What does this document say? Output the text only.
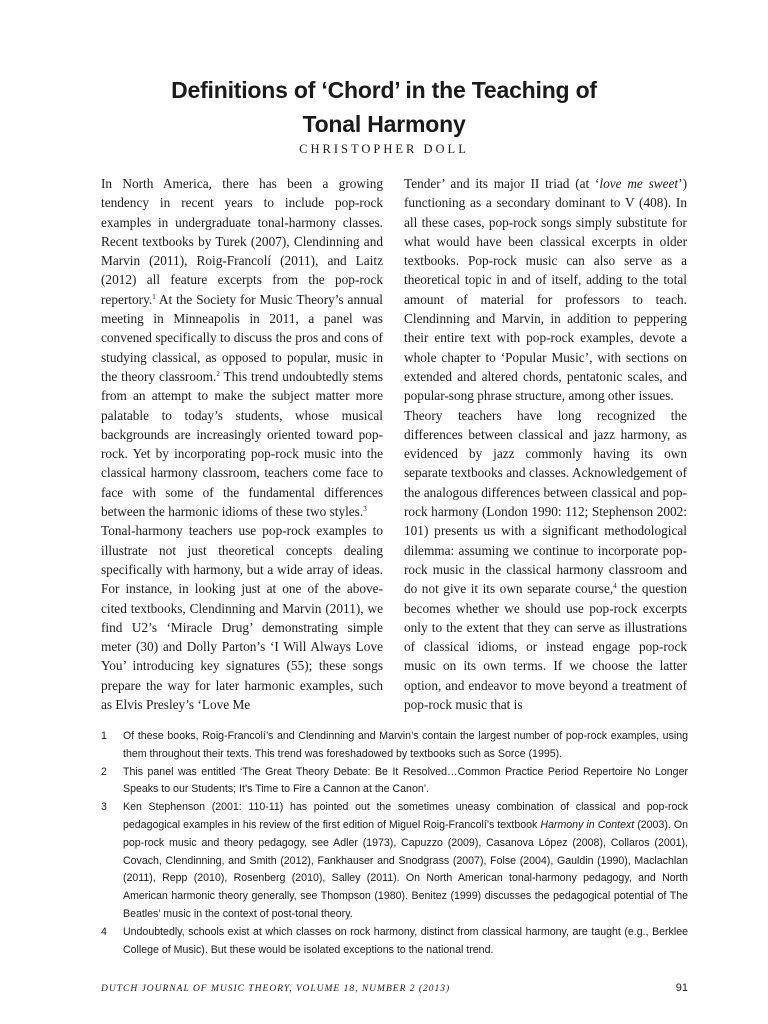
Definitions of ‘Chord’ in the Teaching of
Tonal Harmony
CHRISTOPHER DOLL

In North America, there has been a growing tendency in recent years to include pop-rock examples in undergraduate tonal-harmony classes. Recent textbooks by Turek (2007), Clendinning and Marvin (2011), Roig-Francolí (2011), and Laitz (2012) all feature excerpts from the pop-rock repertory.$^1$ At the Society for Music Theory’s annual meeting in Minneapolis in 2011, a panel was convened specifically to discuss the pros and cons of studying classical, as opposed to popular, music in the theory classroom.$^2$ This trend undoubtedly stems from an attempt to make the subject matter more palatable to today’s students, whose musical backgrounds are increasingly oriented toward pop-rock. Yet by incorporating pop-rock music into the classical harmony classroom, teachers come face to face with some of the fundamental differences between the harmonic idioms of these two styles.$^3$

Tonal-harmony teachers use pop-rock examples to illustrate not just theoretical concepts dealing specifically with harmony, but a wide array of ideas. For instance, in looking just at one of the above-cited textbooks, Clendinning and Marvin (2011), we find U2’s ‘Miracle Drug’ demonstrating simple meter (30) and Dolly Parton’s ‘I Will Always Love You’ introducing key signatures (55); these songs prepare the way for later harmonic examples, such as Elvis Presley’s ‘Love Me

Tender’ and its major II triad (at ‘love me sweet’) functioning as a secondary dominant to V (408). In all these cases, pop-rock songs simply substitute for what would have been classical excerpts in older textbooks. Pop-rock music can also serve as a theoretical topic in and of itself, adding to the total amount of material for professors to teach. Clendinning and Marvin, in addition to peppering their entire text with pop-rock examples, devote a whole chapter to ‘Popular Music’, with sections on extended and altered chords, pentatonic scales, and popular-song phrase structure, among other issues.

Theory teachers have long recognized the differences between classical and jazz harmony, as evidenced by jazz commonly having its own separate textbooks and classes. Acknowledgement of the analogous differences between classical and pop-rock harmony (London 1990: 112; Stephenson 2002: 101) presents us with a significant methodological dilemma: assuming we continue to incorporate pop-rock music in the classical harmony classroom and do not give it its own separate course,$^4$ the question becomes whether we should use pop-rock excerpts only to the extent that they can serve as illustrations of classical idioms, or instead engage pop-rock music on its own terms. If we choose the latter option, and endeavor to move beyond a treatment of pop-rock music that is

1 Of these books, Roig-Francolí’s and Clendinning and Marvin’s contain the largest number of pop-rock examples, using them throughout their texts. This trend was foreshadowed by textbooks such as Sorce (1995).
2 This panel was entitled ‘The Great Theory Debate: Be It Resolved…Common Practice Period Repertoire No Longer Speaks to our Students; It’s Time to Fire a Cannon at the Canon’.
3 Ken Stephenson (2001: 110-11) has pointed out the sometimes uneasy combination of classical and pop-rock pedagogical examples in his review of the first edition of Miguel Roig-Francolí’s textbook Harmony in Context (2003). On pop-rock music and theory pedagogy, see Adler (1973), Capuzzo (2009), Casanova López (2008), Collaros (2001), Covach, Clendinning, and Smith (2012), Fankhauser and Snodgrass (2007), Folse (2004), Gauldin (1990), Maclachlan (2011), Repp (2010), Rosenberg (2010), Salley (2011). On North American tonal-harmony pedagogy, and North American harmonic theory generally, see Thompson (1980). Benitez (1999) discusses the pedagogical potential of The Beatles’ music in the context of post-tonal theory.
4 Undoubtedly, schools exist at which classes on rock harmony, distinct from classical harmony, are taught (e.g., Berklee College of Music). But these would be isolated exceptions to the national trend.
DUTCH JOURNAL OF MUSIC THEORY, VOLUME 18, NUMBER 2 (2013)	91
